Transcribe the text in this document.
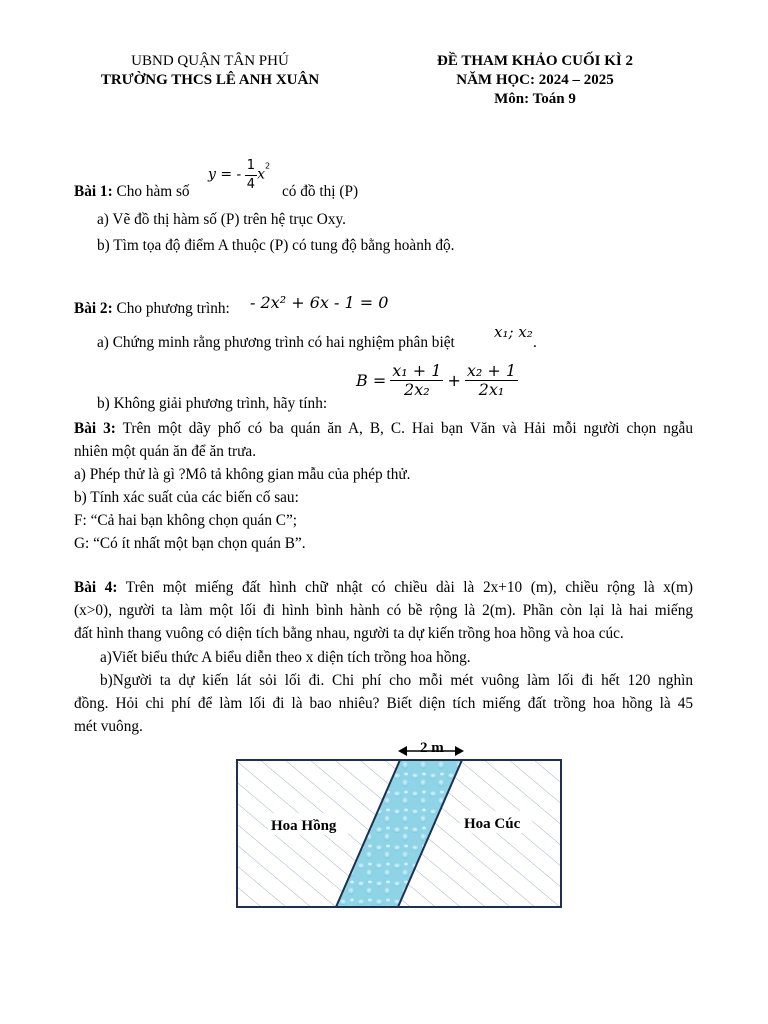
UBND QUẬN TÂN PHÚ
TRƯỜNG THCS LÊ ANH XUÂN
ĐỀ THAM KHẢO CUỐI KÌ 2
NĂM HỌC: 2024 – 2025
Môn: Toán 9
Bài 1: Cho hàm số
y = - $\frac{1}{4} x^2$
có đồ thị (P)
a) Vẽ đồ thị hàm số (P) trên hệ trục Oxy.
b) Tìm tọa độ điểm A thuộc (P) có tung độ bằng hoành độ.
Bài 2: Cho phương trình: - 2x² + 6x - 1 = 0
a) Chứng minh rằng phương trình có hai nghiệm phân biệt
x₁; x₂
.
b) Không giải phương trình, hãy tính:
$B = \frac{\text{x₁ + 1}}{\text{2x₂}} + \frac{\text{x₂ + 1}}{\text{2x₁}}$
Bài 3: Trên một dãy phố có ba quán ăn A, B, C. Hai bạn Văn và Hải mỗi người chọn ngẫu
nhiên một quán ăn để ăn trưa.
a) Phép thử là gì ?Mô tả không gian mẫu của phép thử.
b) Tính xác suất của các biến cố sau:
F: “Cả hai bạn không chọn quán C”;
G: “Có ít nhất một bạn chọn quán B”.
Bài 4: Trên một miếng đất hình chữ nhật có chiều dài là 2x+10 (m), chiều rộng là x(m)
(x>0), người ta làm một lối đi hình bình hành có bề rộng là 2(m). Phần còn lại là hai miếng
đất hình thang vuông có diện tích bằng nhau, người ta dự kiến trồng hoa hồng và hoa cúc.
a)Viết biểu thức A biểu diễn theo x diện tích trồng hoa hồng.
b)Người ta dự kiến lát sỏi lối đi. Chi phí cho mỗi mét vuông làm lối đi hết 120 nghìn
đồng. Hỏi chi phí để làm lối đi là bao nhiêu? Biết diện tích miếng đất trồng hoa hồng là 45
mét vuông.
2 m
Hoa Hồng	Hoa Cúc
